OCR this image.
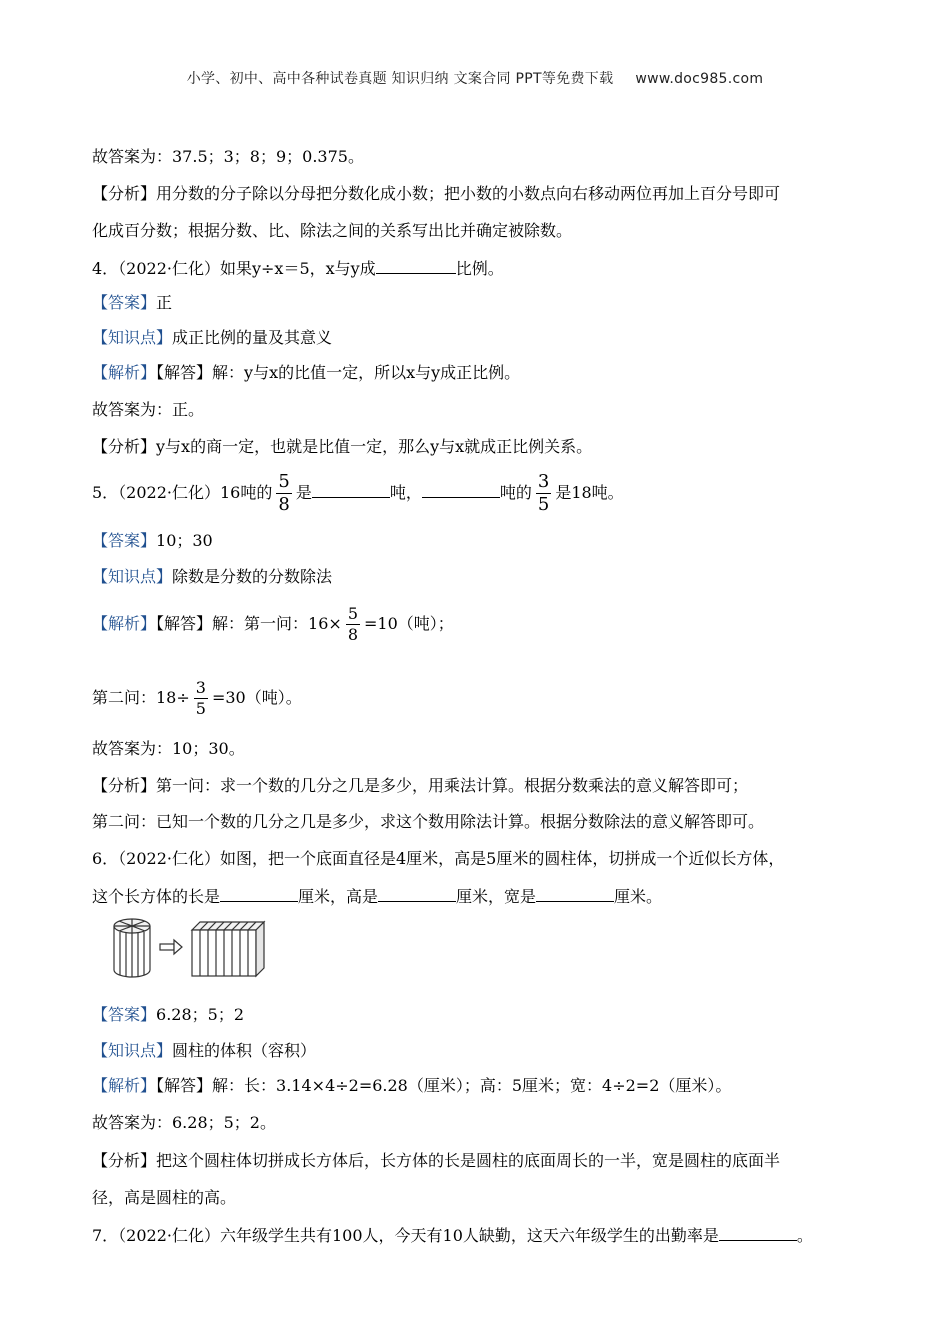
小学、初中、高中各种试卷真题 知识归纳 文案合同 PPT等免费下载 www.doc985.com
故答案为：37.5；3；8；9；0.375。
【分析】用分数的分子除以分母把分数化成小数；把小数的小数点向右移动两位再加上百分号即可
化成百分数；根据分数、比、除法之间的关系写出比并确定被除数。
4．（2022·仁化）如果y÷x＝5，x与y成	比例。
【答案】正
【知识点】成正比例的量及其意义
【解析】【解答】解：y与x的比值一定，所以x与y成正比例。
故答案为：正。
【分析】y与x的商一定，也就是比值一定，那么y与x就成正比例关系。
5．（2022·仁化）16吨的 $\frac{5}{8}$ 是	吨，	吨的 $\frac{3}{5}$ 是18吨。
【答案】10；30
【知识点】除数是分数的分数除法
【解析】【解答】解：第一问：$16\times \frac{5}{8} =10$（吨）；
第二问：$18\div \frac{3}{5} =30$（吨）。
故答案为：10；30。
【分析】第一问：求一个数的几分之几是多少，用乘法计算。根据分数乘法的意义解答即可；
第二问：已知一个数的几分之几是多少，求这个数用除法计算。根据分数除法的意义解答即可。
6．（2022·仁化）如图，把一个底面直径是4厘米，高是5厘米的圆柱体，切拼成一个近似长方体，
这个长方体的长是	厘米，高是	厘米，宽是	厘米。
【答案】6.28；5；2
【知识点】圆柱的体积（容积）
【解析】【解答】解：长：3.14×4÷2=6.28（厘米）；高：5厘米；宽：4÷2=2（厘米）。
故答案为：6.28；5；2。
【分析】把这个圆柱体切拼成长方体后，长方体的长是圆柱的底面周长的一半，宽是圆柱的底面半
径，高是圆柱的高。
7．（2022·仁化）六年级学生共有100人，今天有10人缺勤，这天六年级学生的出勤率是	。
